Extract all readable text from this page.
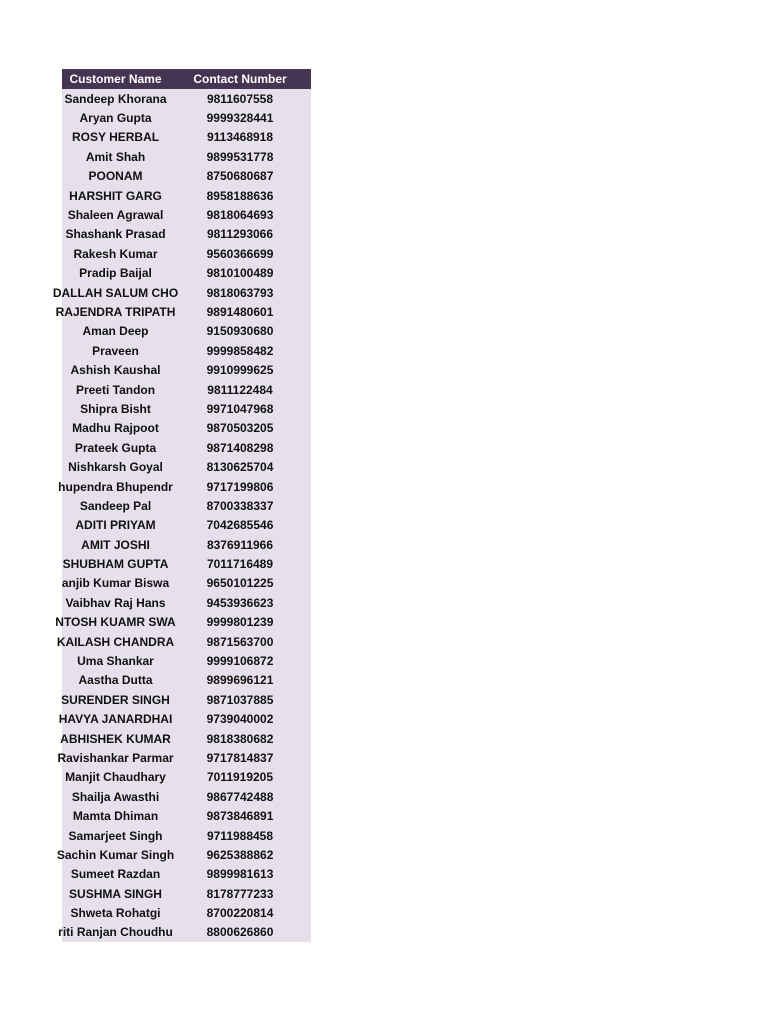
Customer Name	Contact Number
Sandeep Khorana	9811607558
Aryan Gupta	9999328441
ROSY HERBAL	9113468918
Amit Shah	9899531778
POONAM	8750680687
HARSHIT GARG	8958188636
Shaleen Agrawal	9818064693
Shashank Prasad	9811293066
Rakesh Kumar	9560366699
Pradip Baijal	9810100489
DALLAH SALUM CHO	9818063793
RAJENDRA TRIPATH	9891480601
Aman Deep	9150930680
Praveen	9999858482
Ashish Kaushal	9910999625
Preeti Tandon	9811122484
Shipra Bisht	9971047968
Madhu Rajpoot	9870503205
Prateek Gupta	9871408298
Nishkarsh Goyal	8130625704
hupendra Bhupendr	9717199806
Sandeep Pal	8700338337
ADITI PRIYAM	7042685546
AMIT JOSHI	8376911966
SHUBHAM GUPTA	7011716489
anjib Kumar Biswa	9650101225
Vaibhav Raj Hans	9453936623
NTOSH KUAMR SWA	9999801239
KAILASH CHANDRA	9871563700
Uma Shankar	9999106872
Aastha Dutta	9899696121
SURENDER SINGH	9871037885
HAVYA JANARDHAI	9739040002
ABHISHEK KUMAR	9818380682
Ravishankar Parmar	9717814837
Manjit Chaudhary	7011919205
Shailja Awasthi	9867742488
Mamta Dhiman	9873846891
Samarjeet Singh	9711988458
Sachin Kumar Singh	9625388862
Sumeet Razdan	9899981613
SUSHMA SINGH	8178777233
Shweta Rohatgi	8700220814
riti Ranjan Choudhu	8800626860
